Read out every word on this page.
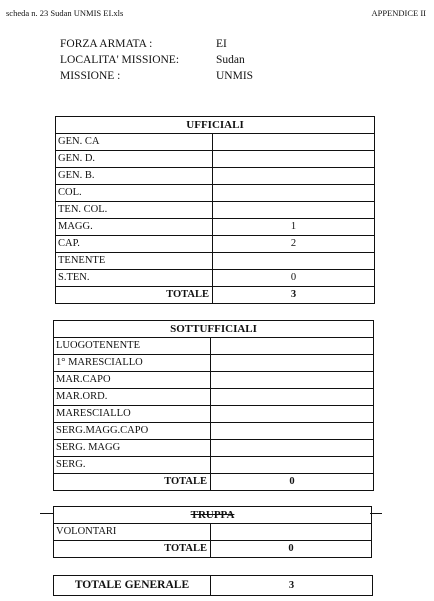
scheda n. 23 Sudan UNMIS EI.xls	APPENDICE II
FORZA ARMATA :	EI
LOCALITA' MISSIONE:	Sudan
MISSIONE :	UNMIS
UFFICIALI	
GEN. CA	
GEN. D.	
GEN. B.	
COL.	
TEN. COL.	
MAGG.	1
CAP.	2
TENENTE	
S.TEN.	0
TOTALE	3
SOTTUFFICIALI	
LUOGOTENENTE	
1° MARESCIALLO	
MAR.CAPO	
MAR.ORD.	
MARESCIALLO	
SERG.MAGG.CAPO	
SERG. MAGG	
SERG.	
TOTALE	0
TRUPPA	
VOLONTARI	
TOTALE	0
TOTALE GENERALE	3
